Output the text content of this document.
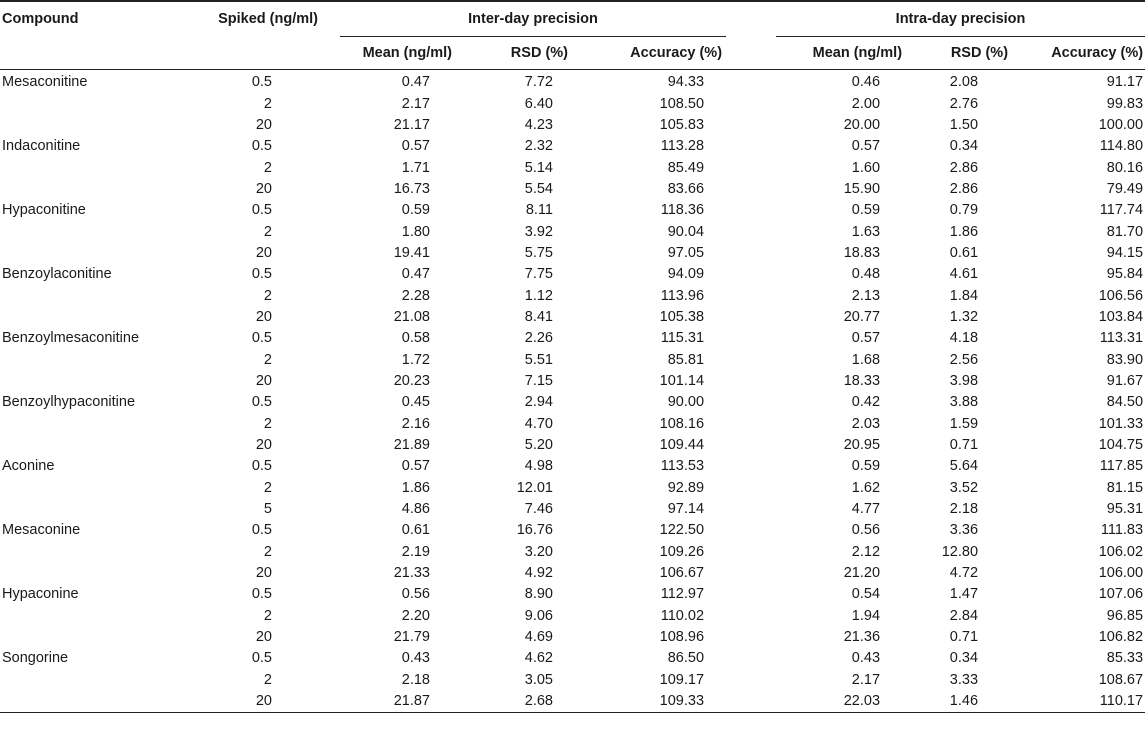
Compound	Spiked (ng/ml)	Inter-day precision				Intra-day precision		
		Mean (ng/ml)	RSD (%)	Accuracy (%)		Mean (ng/ml)	RSD (%)	Accuracy (%)
Mesaconitine	0.5	0.47	7.72	94.33		0.46	2.08	91.17
	2	2.17	6.40	108.50		2.00	2.76	99.83
	20	21.17	4.23	105.83		20.00	1.50	100.00
Indaconitine	0.5	0.57	2.32	113.28		0.57	0.34	114.80
	2	1.71	5.14	85.49		1.60	2.86	80.16
	20	16.73	5.54	83.66		15.90	2.86	79.49
Hypaconitine	0.5	0.59	8.11	118.36		0.59	0.79	117.74
	2	1.80	3.92	90.04		1.63	1.86	81.70
	20	19.41	5.75	97.05		18.83	0.61	94.15
Benzoylaconitine	0.5	0.47	7.75	94.09		0.48	4.61	95.84
	2	2.28	1.12	113.96		2.13	1.84	106.56
	20	21.08	8.41	105.38		20.77	1.32	103.84
Benzoylmesaconitine	0.5	0.58	2.26	115.31		0.57	4.18	113.31
	2	1.72	5.51	85.81		1.68	2.56	83.90
	20	20.23	7.15	101.14		18.33	3.98	91.67
Benzoylhypaconitine	0.5	0.45	2.94	90.00		0.42	3.88	84.50
	2	2.16	4.70	108.16		2.03	1.59	101.33
	20	21.89	5.20	109.44		20.95	0.71	104.75
Aconine	0.5	0.57	4.98	113.53		0.59	5.64	117.85
	2	1.86	12.01	92.89		1.62	3.52	81.15
	5	4.86	7.46	97.14		4.77	2.18	95.31
Mesaconine	0.5	0.61	16.76	122.50		0.56	3.36	111.83
	2	2.19	3.20	109.26		2.12	12.80	106.02
	20	21.33	4.92	106.67		21.20	4.72	106.00
Hypaconine	0.5	0.56	8.90	112.97		0.54	1.47	107.06
	2	2.20	9.06	110.02		1.94	2.84	96.85
	20	21.79	4.69	108.96		21.36	0.71	106.82
Songorine	0.5	0.43	4.62	86.50		0.43	0.34	85.33
	2	2.18	3.05	109.17		2.17	3.33	108.67
	20	21.87	2.68	109.33		22.03	1.46	110.17
